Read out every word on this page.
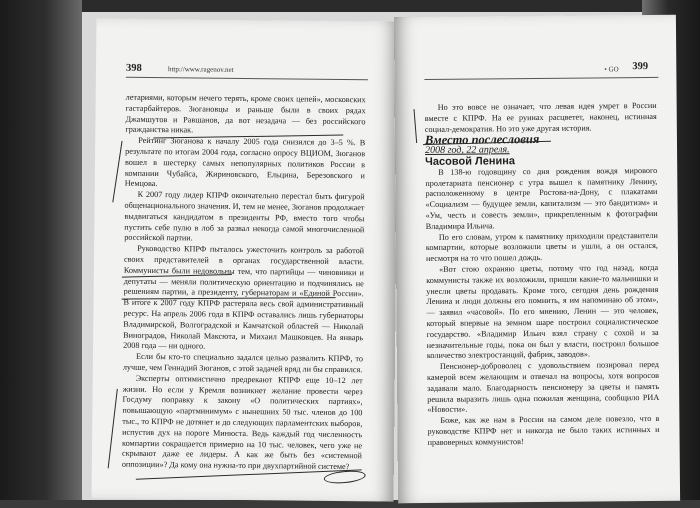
398	http://www.ragenov.net

летариями, которым нечего терять, кроме своих цепей», московских гастарбайтеров. Зюгановцы и раньше были в своих рядах Джамшутов и Равшанов, да вот незадача — без российского гражданства никак.

Рейтинг Зюганова к началу 2005 года снизился до 3–5 %. В результате по итогам 2004 года, согласно опросу ВЦИОМ, Зюганов вошел в шестерку самых непопулярных политиков России в компании Чубайса, Жириновского, Ельцина, Березовского и Немцова.

К 2007 году лидер КПРФ окончательно перестал быть фигурой общенационального значения. И, тем не менее, Зюганов продолжает выдвигаться кандидатом в президенты РФ, вместо того чтобы пустить себе пулю в лоб за развал некогда самой многочисленной российской партии.

Руководство КПРФ пыталось ужесточить контроль за работой своих представителей в органах государственной власти. Коммунисты были недовольны тем, что партийцы — чиновники и депутаты — меняли политическую ориентацию и подчинялись не решениям партии, а президенту, губернаторам и «Единой России». В итоге к 2007 году КПРФ растеряла весь свой административный ресурс. На апрель 2006 года в КПРФ оставались лишь губернаторы Владимирской, Волгоградской и Камчатской областей — Николай Виноградов, Николай Максюта, и Михаил Машковцев. На январь 2008 года — ни одного.

Если бы кто-то специально задался целью развалить КПРФ, то лучше, чем Геннадий Зюганов, с этой задачей вряд ли бы справился.

Эксперты оптимистично предрекают КПРФ еще 10–12 лет жизни. Но если у Кремля возникнет желание провести через Госдуму поправку к закону «О политических партиях», повышающую «партминимум» с нынешних 50 тыс. членов до 100 тыс., то КПРФ не дотянет и до следующих парламентских выборов, испустив дух на пороге Минюста. Ведь каждый год численность компартии сокращается примерно на 10 тыс. человек, чего уже не скрывают даже ее лидеры. А как же быть без «системной оппозиции»? Да кому она нужна-то при двухпартийной системе?

• GO 399

Но это вовсе не означает, что левая идея умрет в России вместе с КПРФ. На ее руинах расцветет, наконец, истинная социал-демократия. Но это уже другая история.

Вместо послесловия

2008 год, 22 апреля.

Часовой Ленина

В 138-ю годовщину со дня рождения вождя мирового пролетариата пенсионер с утра вышел к памятнику Ленину, расположенному в центре Ростова-на-Дону, с плакатами «Социализм — будущее земли, капитализм — это бандитизм» и «Ум, честь и совесть земли», прикрепленным к фотографии Владимира Ильича.

По его словам, утром к памятнику приходили представители компартии, которые возложили цветы и ушли, а он остался, несмотря на то что пошел дождь.

«Вот стою охраняю цветы, потому что год назад, когда коммунисты также их возложили, пришли какие-то мальчишки и унесли цветы продавать. Кроме того, сегодня день рождения Ленина и люди должны его помнить, я им напоминаю об этом», — заявил «часовой». По его мнению, Ленин — это человек, который впервые на земном шаре построил социалистическое государство. «Владимир Ильич взял страну с сохой и за незначительные годы, пока он был у власти, построил большое количество электростанций, фабрик, заводов».

Пенсионер-доброволец с удовольствием позировал перед камерой всем желающим и отвечал на вопросы, хотя вопросов задавали мало. Благодарность пенсионеру за цветы и память решила выразить лишь одна пожилая женщина, сообщило РИА «Новости».

Боже, как же нам в России на самом деле повезло, что в руководстве КПРФ нет и никогда не было таких истинных и правоверных коммунистов!
